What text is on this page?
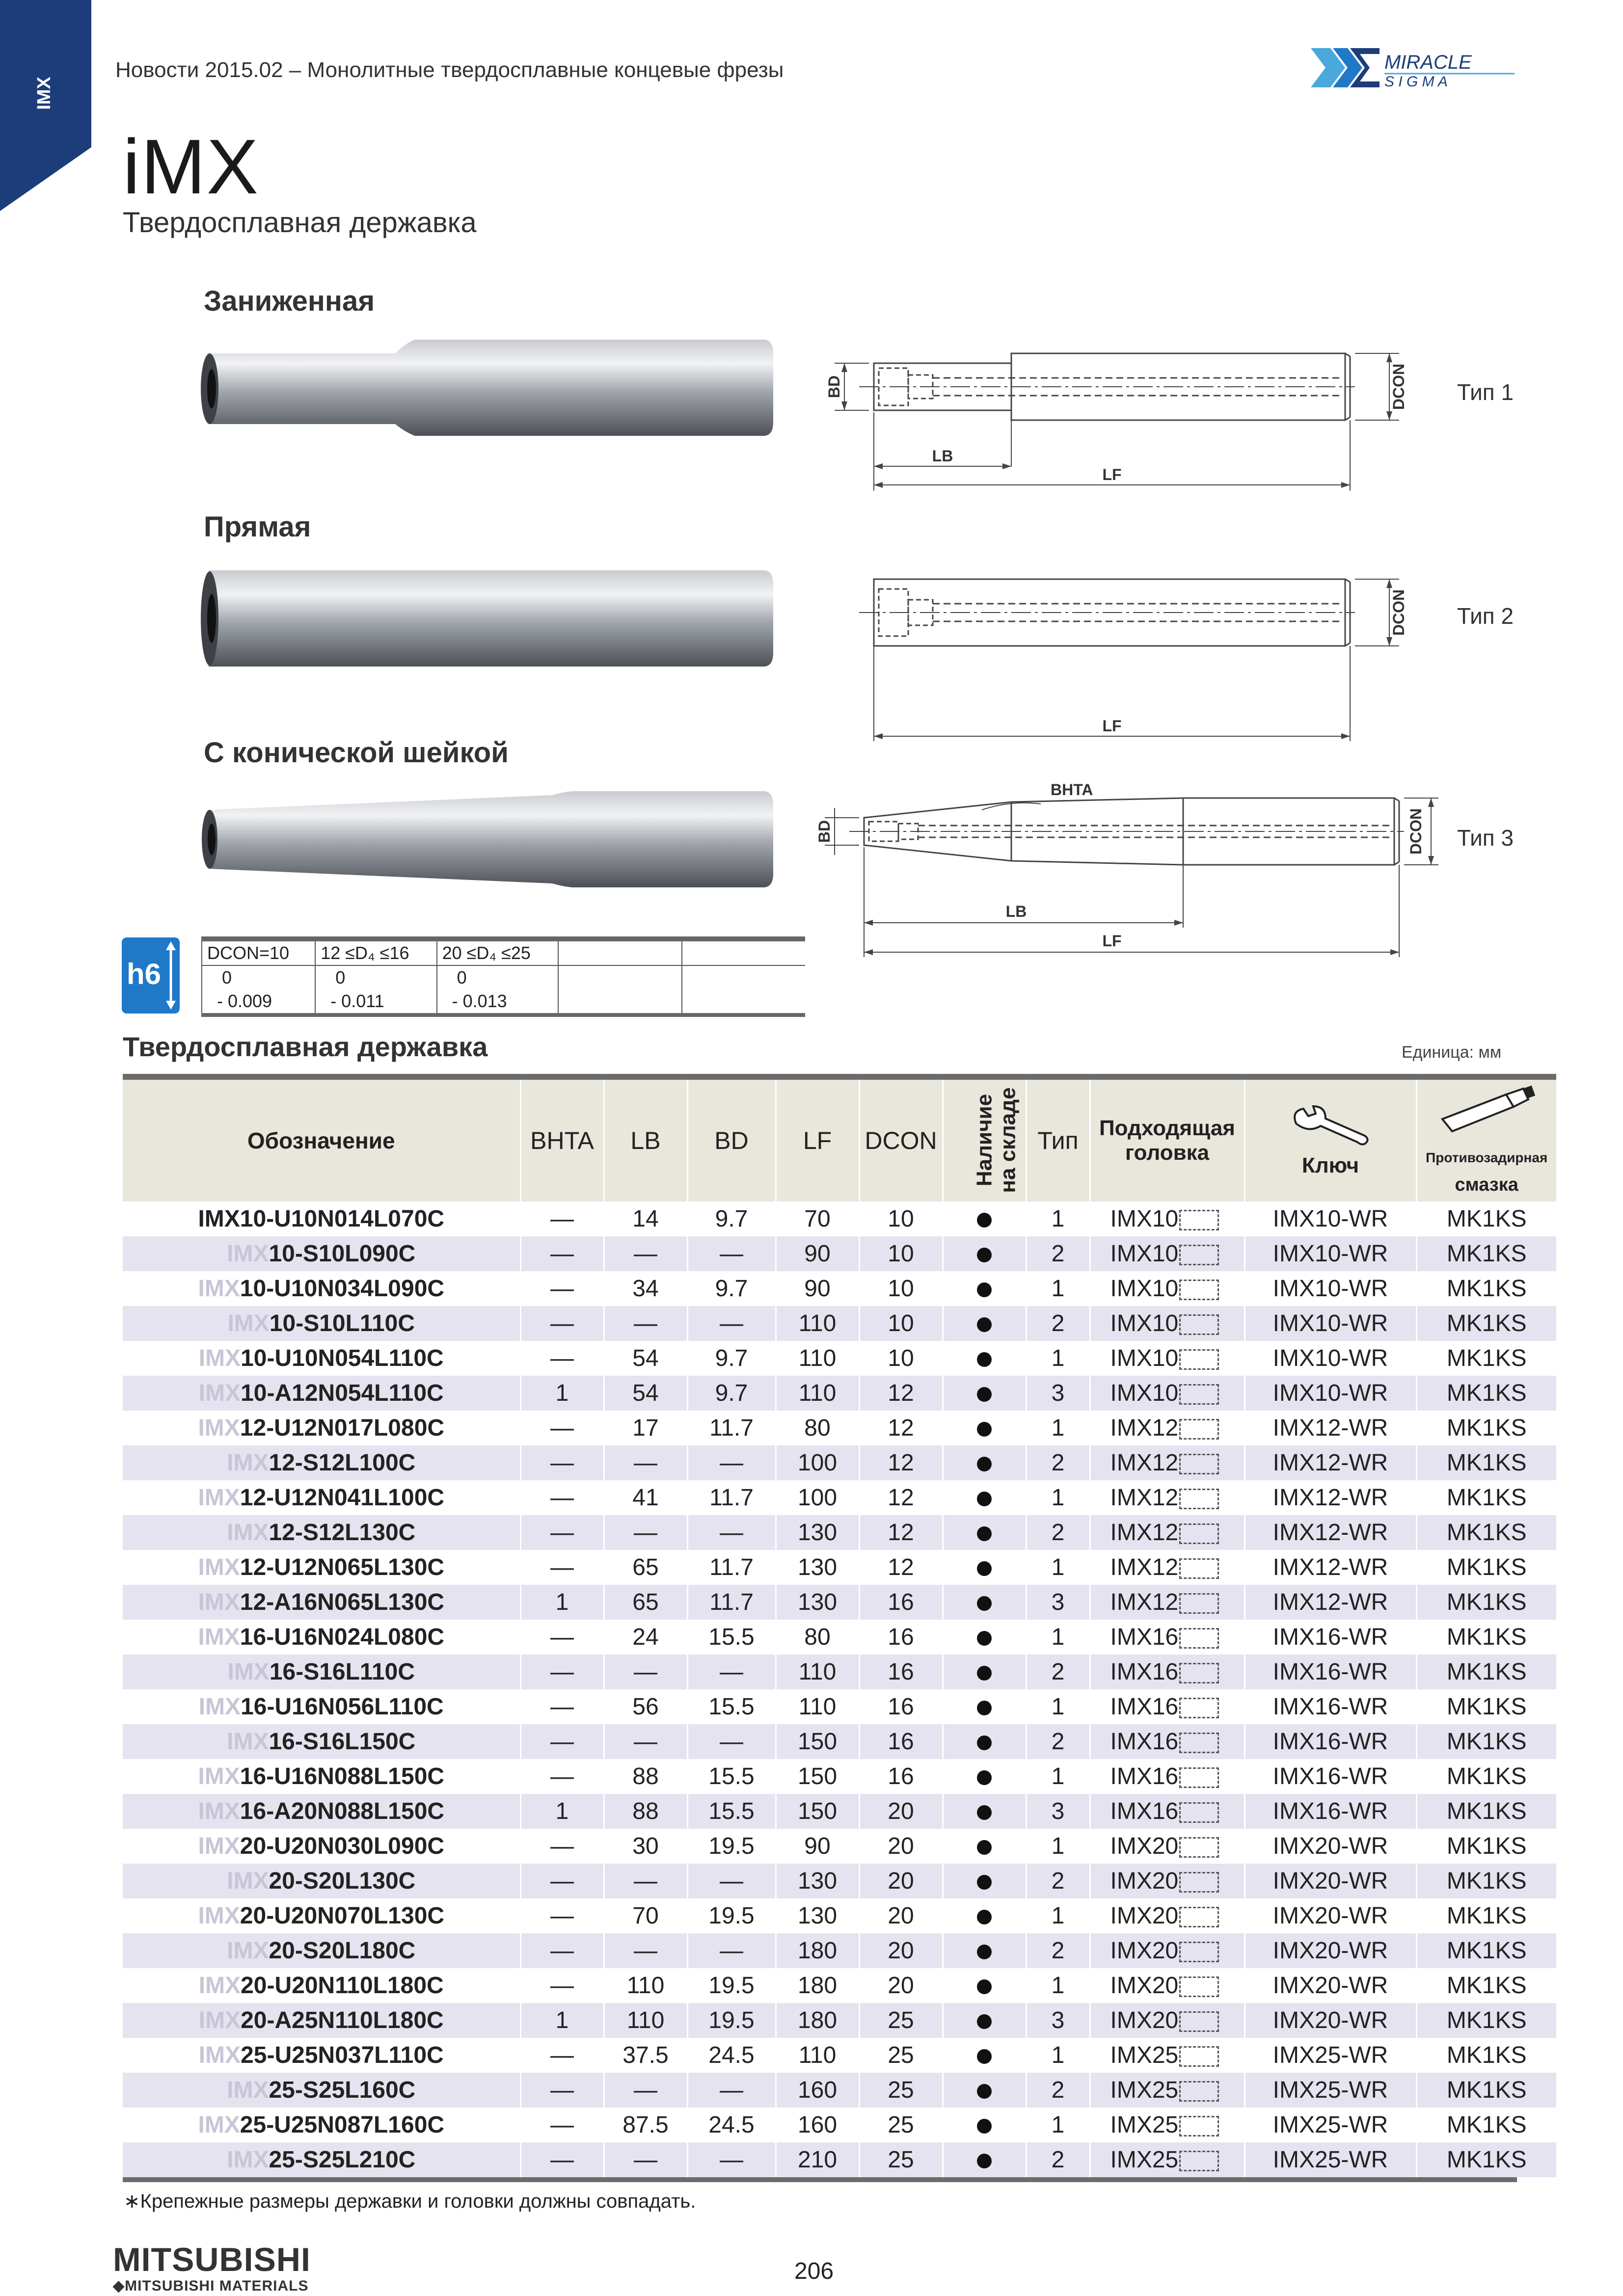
IMX
Новости 2015.02 – Монолитные твердосплавные концевые фрезы	MIRACLE
S I G M A
iMX
Твердосплавная державка
Заниженная
Прямая
С конической шейкой
BD	DCON
LB
LF
Тип 1
DCON
LF
Тип 2
BHTA
BD	DCON
LB
LF
Тип 3
h6
DCON=10	12 ≤D₄ ≤16	20 ≤D₄ ≤25		
0	0	0		
- 0.009	- 0.011	- 0.013		
Твердосплавная державка	Единица: мм

Обозначение	BHTA	LB	BD	LF	DCON	Наличие
на складе	Тип	Подходящая
головка	Ключ	Противозадирная
смазка
IMX10-U10N014L070C	—	14	9.7	70	10		1	IMX10	IMX10-WR	MK1KS
IMX10-S10L090C	—	—	—	90	10		2	IMX10	IMX10-WR	MK1KS
IMX10-U10N034L090C	—	34	9.7	90	10		1	IMX10	IMX10-WR	MK1KS
IMX10-S10L110C	—	—	—	110	10		2	IMX10	IMX10-WR	MK1KS
IMX10-U10N054L110C	—	54	9.7	110	10		1	IMX10	IMX10-WR	MK1KS
IMX10-A12N054L110C	1	54	9.7	110	12		3	IMX10	IMX10-WR	MK1KS
IMX12-U12N017L080C	—	17	11.7	80	12		1	IMX12	IMX12-WR	MK1KS
IMX12-S12L100C	—	—	—	100	12		2	IMX12	IMX12-WR	MK1KS
IMX12-U12N041L100C	—	41	11.7	100	12		1	IMX12	IMX12-WR	MK1KS
IMX12-S12L130C	—	—	—	130	12		2	IMX12	IMX12-WR	MK1KS
IMX12-U12N065L130C	—	65	11.7	130	12		1	IMX12	IMX12-WR	MK1KS
IMX12-A16N065L130C	1	65	11.7	130	16		3	IMX12	IMX12-WR	MK1KS
IMX16-U16N024L080C	—	24	15.5	80	16		1	IMX16	IMX16-WR	MK1KS
IMX16-S16L110C	—	—	—	110	16		2	IMX16	IMX16-WR	MK1KS
IMX16-U16N056L110C	—	56	15.5	110	16		1	IMX16	IMX16-WR	MK1KS
IMX16-S16L150C	—	—	—	150	16		2	IMX16	IMX16-WR	MK1KS
IMX16-U16N088L150C	—	88	15.5	150	16		1	IMX16	IMX16-WR	MK1KS
IMX16-A20N088L150C	1	88	15.5	150	20		3	IMX16	IMX16-WR	MK1KS
IMX20-U20N030L090C	—	30	19.5	90	20		1	IMX20	IMX20-WR	MK1KS
IMX20-S20L130C	—	—	—	130	20		2	IMX20	IMX20-WR	MK1KS
IMX20-U20N070L130C	—	70	19.5	130	20		1	IMX20	IMX20-WR	MK1KS
IMX20-S20L180C	—	—	—	180	20		2	IMX20	IMX20-WR	MK1KS
IMX20-U20N110L180C	—	110	19.5	180	20		1	IMX20	IMX20-WR	MK1KS
IMX20-A25N110L180C	1	110	19.5	180	25		3	IMX20	IMX20-WR	MK1KS
IMX25-U25N037L110C	—	37.5	24.5	110	25		1	IMX25	IMX25-WR	MK1KS
IMX25-S25L160C	—	—	—	160	25		2	IMX25	IMX25-WR	MK1KS
IMX25-U25N087L160C	—	87.5	24.5	160	25		1	IMX25	IMX25-WR	MK1KS
IMX25-S25L210C	—	—	—	210	25		2	IMX25	IMX25-WR	MK1KS
∗Крепежные размеры державки и головки должны совпадать.
MITSUBISHI
◆MITSUBISHI MATERIALS
206
